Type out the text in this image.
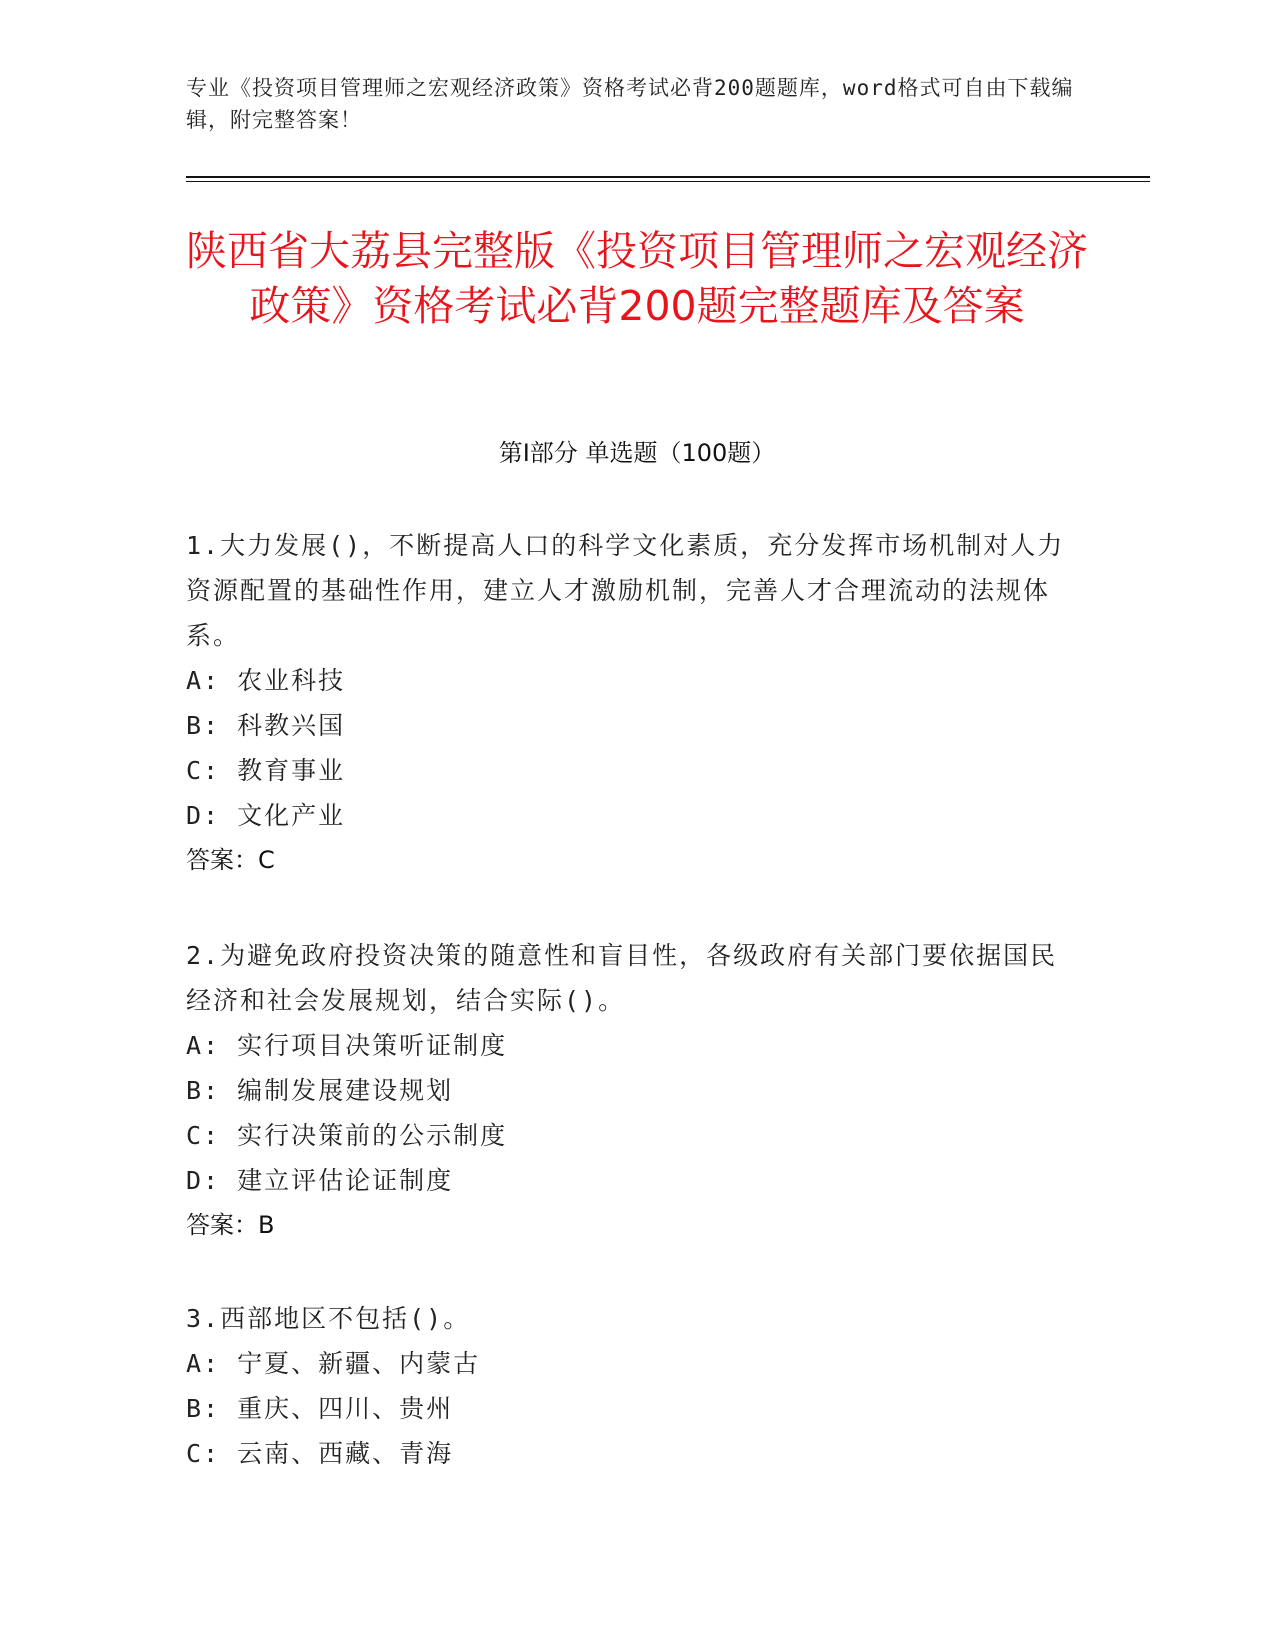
专业《投资项目管理师之宏观经济政策》资格考试必背200题题库，word格式可自由下载编辑，附完整答案！
陕西省大荔县完整版《投资项目管理师之宏观经济政策》资格考试必背200题完整题库及答案
第Ⅰ部分 单选题（100题）
1.大力发展()，不断提高人口的科学文化素质，充分发挥市场机制对人力资源配置的基础性作用，建立人才激励机制，完善人才合理流动的法规体系。
A: 农业科技
B: 科教兴国
C: 教育事业
D: 文化产业
答案：C
2.为避免政府投资决策的随意性和盲目性，各级政府有关部门要依据国民经济和社会发展规划，结合实际()。
A: 实行项目决策听证制度
B: 编制发展建设规划
C: 实行决策前的公示制度
D: 建立评估论证制度
答案：B
3.西部地区不包括()。
A: 宁夏、新疆、内蒙古
B: 重庆、四川、贵州
C: 云南、西藏、青海
